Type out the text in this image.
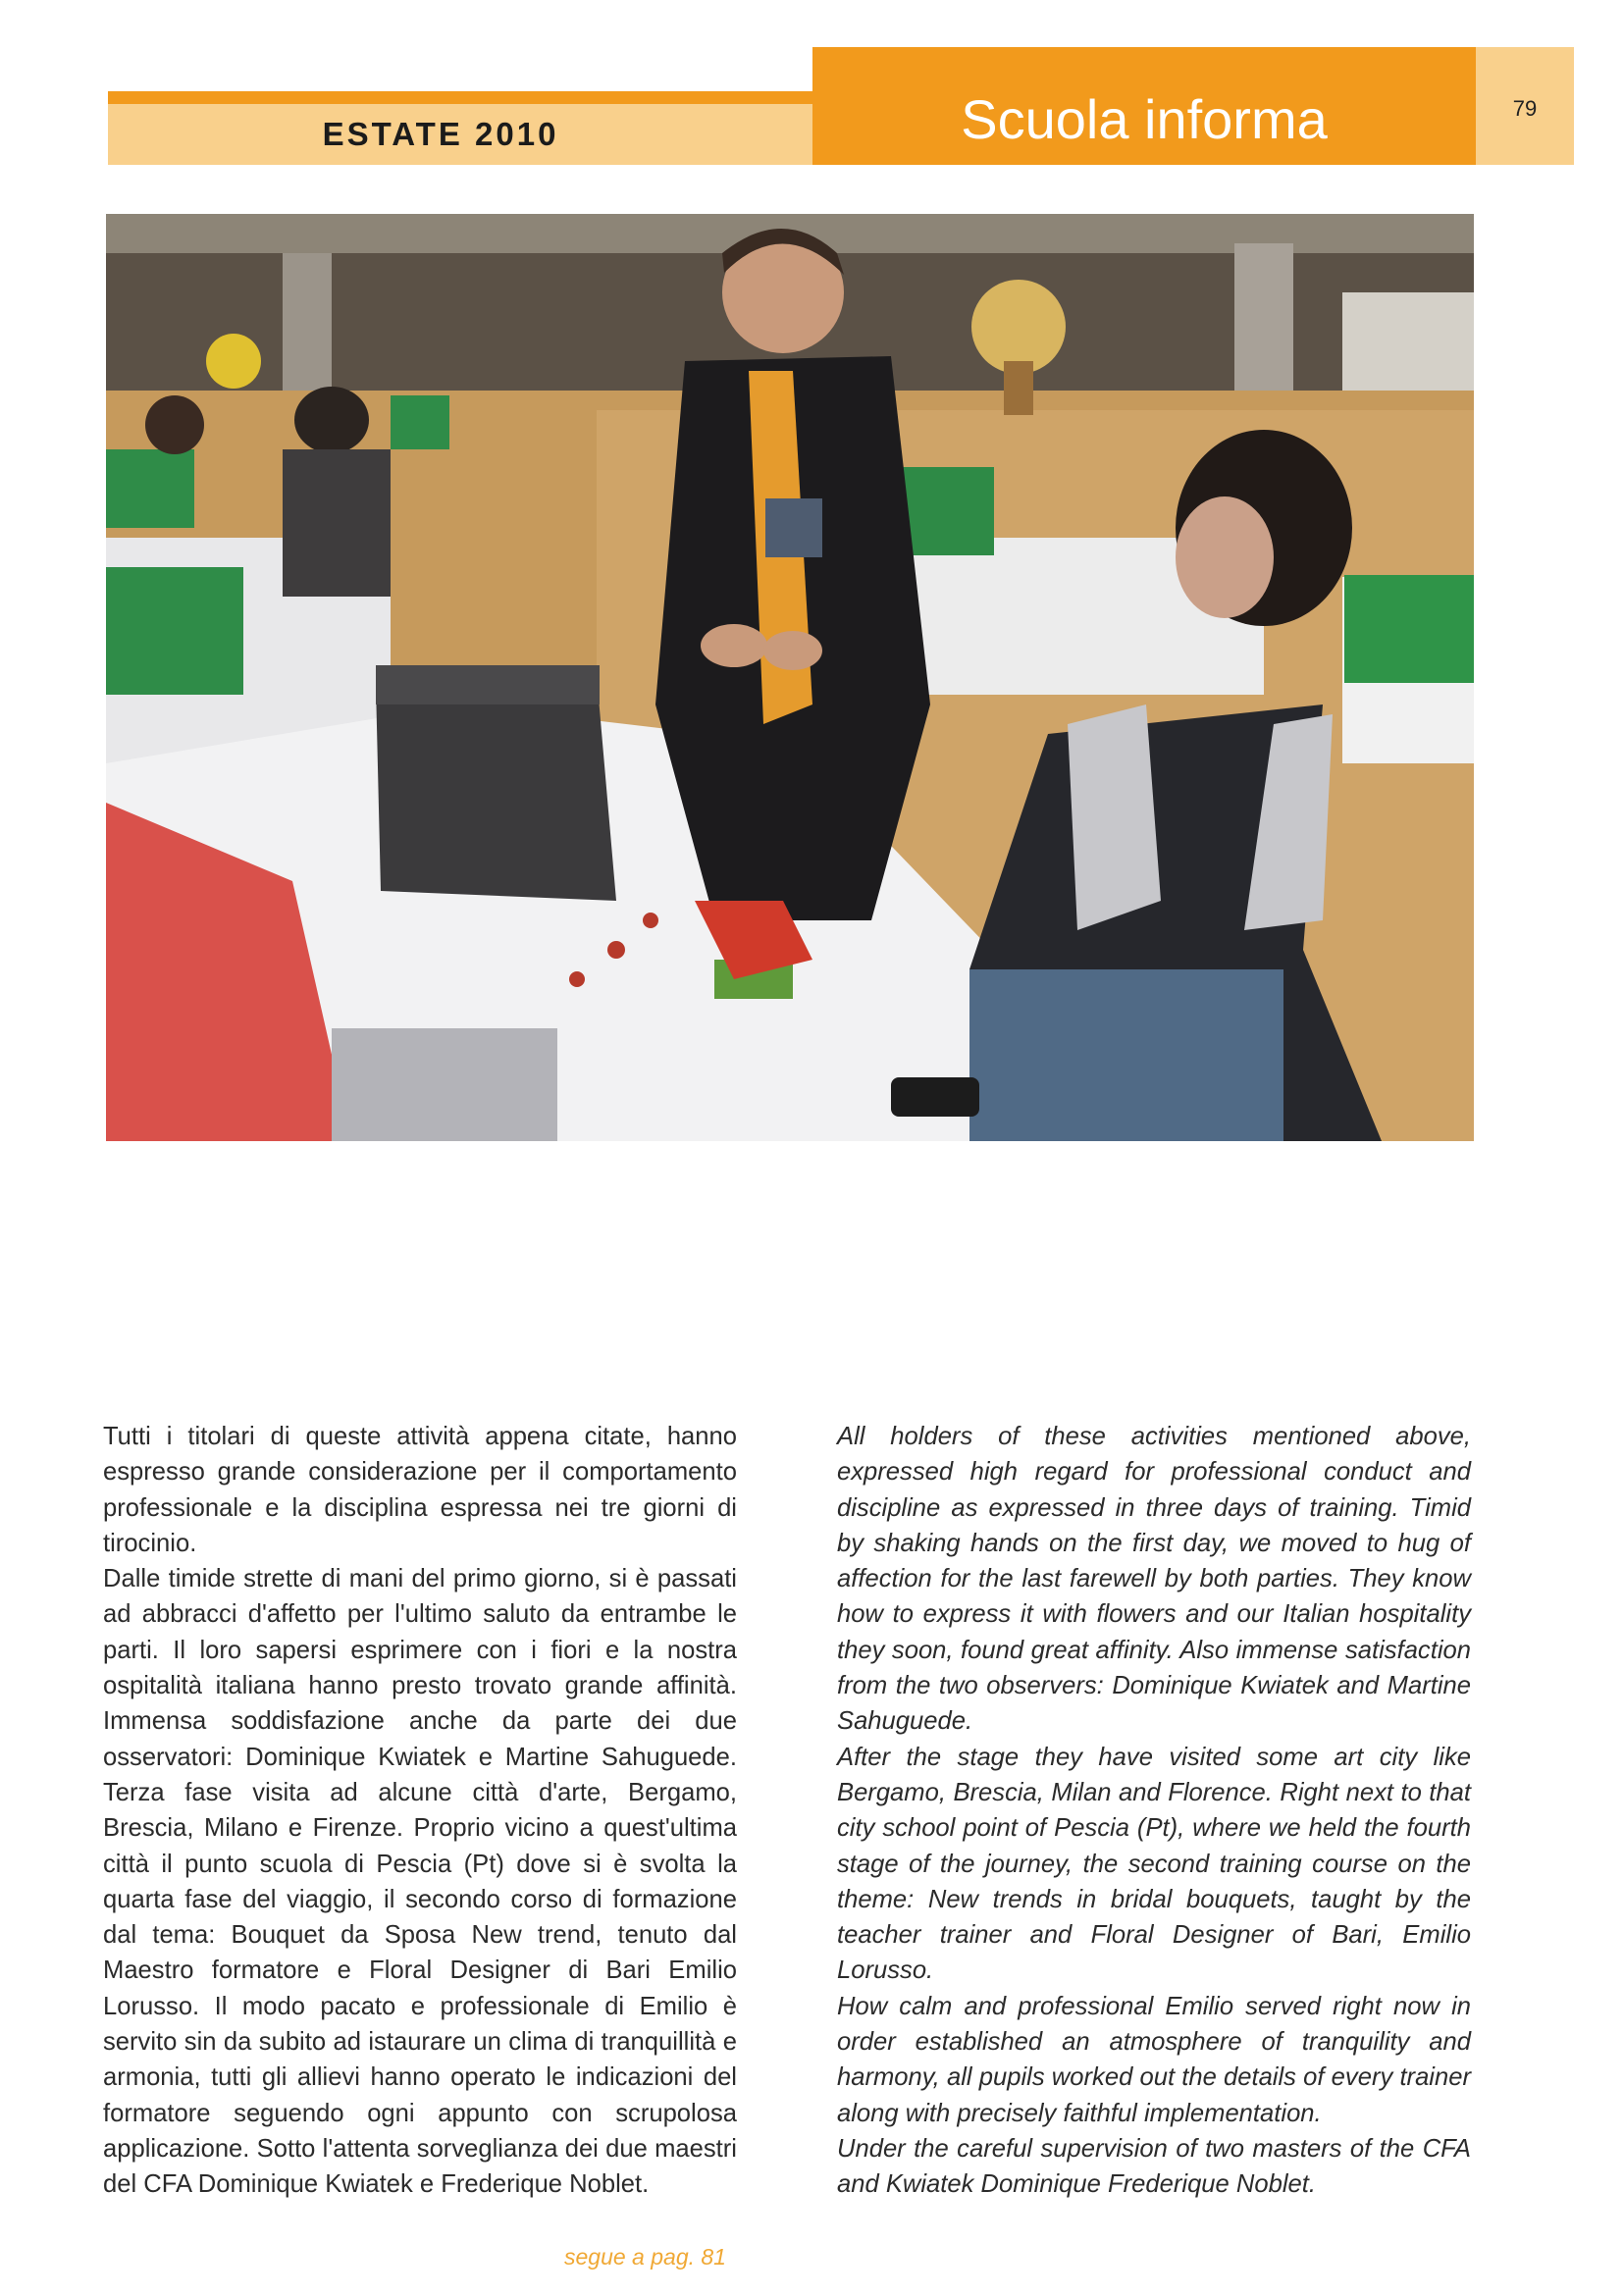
ESTATE 2010	Scuola informa	79

Tutti i titolari di queste attività appena citate, hanno espresso grande considerazione per il comportamento professionale e la disciplina espressa nei tre giorni di tirocinio.

Dalle timide strette di mani del primo giorno, si è passati ad abbracci d'affetto per l'ultimo saluto da entrambe le parti. Il loro sapersi esprimere con i fiori e la nostra ospitalità italiana hanno presto trovato grande affinità. Immensa soddisfazione anche da parte dei due osservatori: Dominique Kwiatek e Martine Sahuguede. Terza fase visita ad alcune città d'arte, Bergamo, Brescia, Milano e Firenze. Proprio vicino a quest'ultima città il punto scuola di Pescia (Pt) dove si è svolta la quarta fase del viaggio, il secondo corso di formazione dal tema: Bouquet da Sposa New trend, tenuto dal Maestro formatore e Floral Designer di Bari Emilio Lorusso. Il modo pacato e professionale di Emilio è servito sin da subito ad istaurare un clima di tranquillità e armonia, tutti gli allievi hanno operato le indicazioni del formatore seguendo ogni appunto con scrupolosa applicazione. Sotto l'attenta sorveglianza dei due maestri del CFA Dominique Kwiatek e Frederique Noblet.

All holders of these activities mentioned above, expressed high regard for professional conduct and discipline as expressed in three days of training. Timid by shaking hands on the first day, we moved to hug of affection for the last farewell by both parties. They know how to express it with flowers and our Italian hospitality they soon, found great affinity. Also immense satisfaction from the two observers: Dominique Kwiatek and Martine Sahuguede.

After the stage they have visited some art city like Bergamo, Brescia, Milan and Florence. Right next to that city school point of Pescia (Pt), where we held the fourth stage of the journey, the second training course on the theme: New trends in bridal bouquets, taught by the teacher trainer and Floral Designer of Bari, Emilio Lorusso.

How calm and professional Emilio served right now in order established an atmosphere of tranquility and harmony, all pupils worked out the details of every trainer along with precisely faithful implementation.

Under the careful supervision of two masters of the CFA and Kwiatek Dominique Frederique Noblet.

segue a pag. 81
